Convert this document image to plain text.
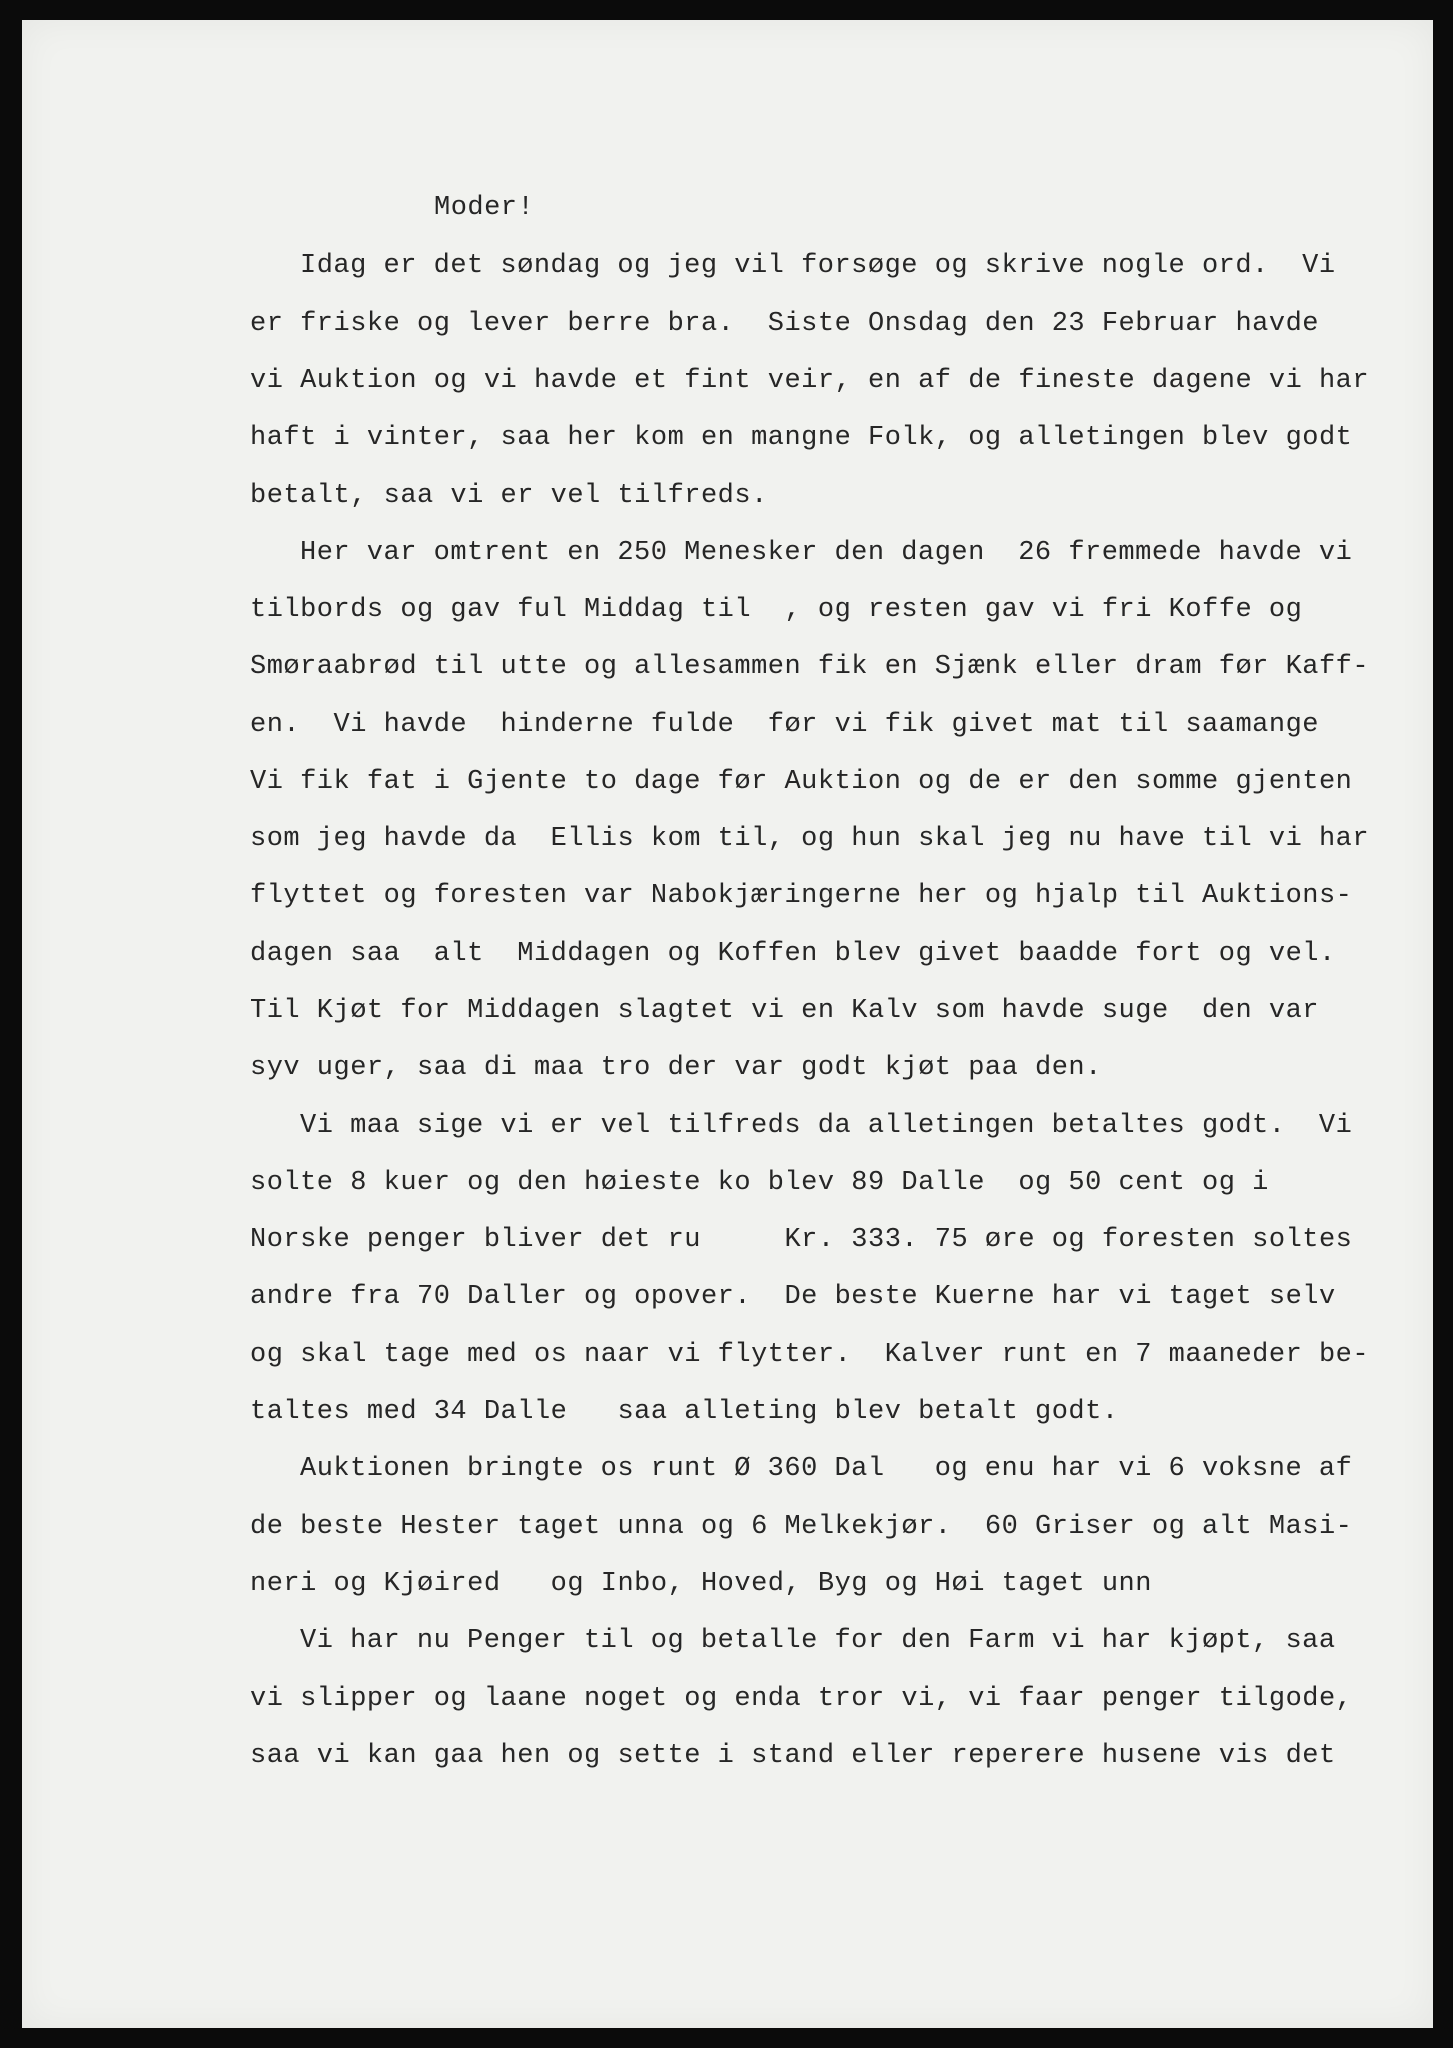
Moder!
Idag er det søndag og jeg vil forsøge og skrive nogle ord.  Vi
er friske og lever berre bra.  Siste Onsdag den 23 Februar havde
vi Auktion og vi havde et fint veir, en af de fineste dagene vi har
haft i vinter, saa her kom en mangne Folk, og alletingen blev godt
betalt, saa vi er vel tilfreds.
Her var omtrent en 250 Menesker den dagen  26 fremmede havde vi
tilbords og gav ful Middag til  , og resten gav vi fri Koffe og
Smøraabrød til utte og allesammen fik en Sjænk eller dram før Kaff-
en.  Vi havde  hinderne fulde  før vi fik givet mat til saamange
Vi fik fat i Gjente to dage før Auktion og de er den somme gjenten
som jeg havde da  Ellis kom til, og hun skal jeg nu have til vi har
flyttet og foresten var Nabokjæringerne her og hjalp til Auktions-
dagen saa  alt  Middagen og Koffen blev givet baadde fort og vel.
Til Kjøt for Middagen slagtet vi en Kalv som havde suge  den var
syv uger, saa di maa tro der var godt kjøt paa den.
Vi maa sige vi er vel tilfreds da alletingen betaltes godt.  Vi
solte 8 kuer og den høieste ko blev 89 Dalle  og 50 cent og i
Norske penger bliver det ru     Kr. 333. 75 øre og foresten soltes
andre fra 70 Daller og opover.  De beste Kuerne har vi taget selv
og skal tage med os naar vi flytter.  Kalver runt en 7 maaneder be-
taltes med 34 Dalle   saa alleting blev betalt godt.
Auktionen bringte os runt Ø 360 Dal   og enu har vi 6 voksne af
de beste Hester taget unna og 6 Melkekjør.  60 Griser og alt Masi-
neri og Kjøired   og Inbo, Hoved, Byg og Høi taget unn
Vi har nu Penger til og betalle for den Farm vi har kjøpt, saa
vi slipper og laane noget og enda tror vi, vi faar penger tilgode,
saa vi kan gaa hen og sette i stand eller reperere husene vis det
